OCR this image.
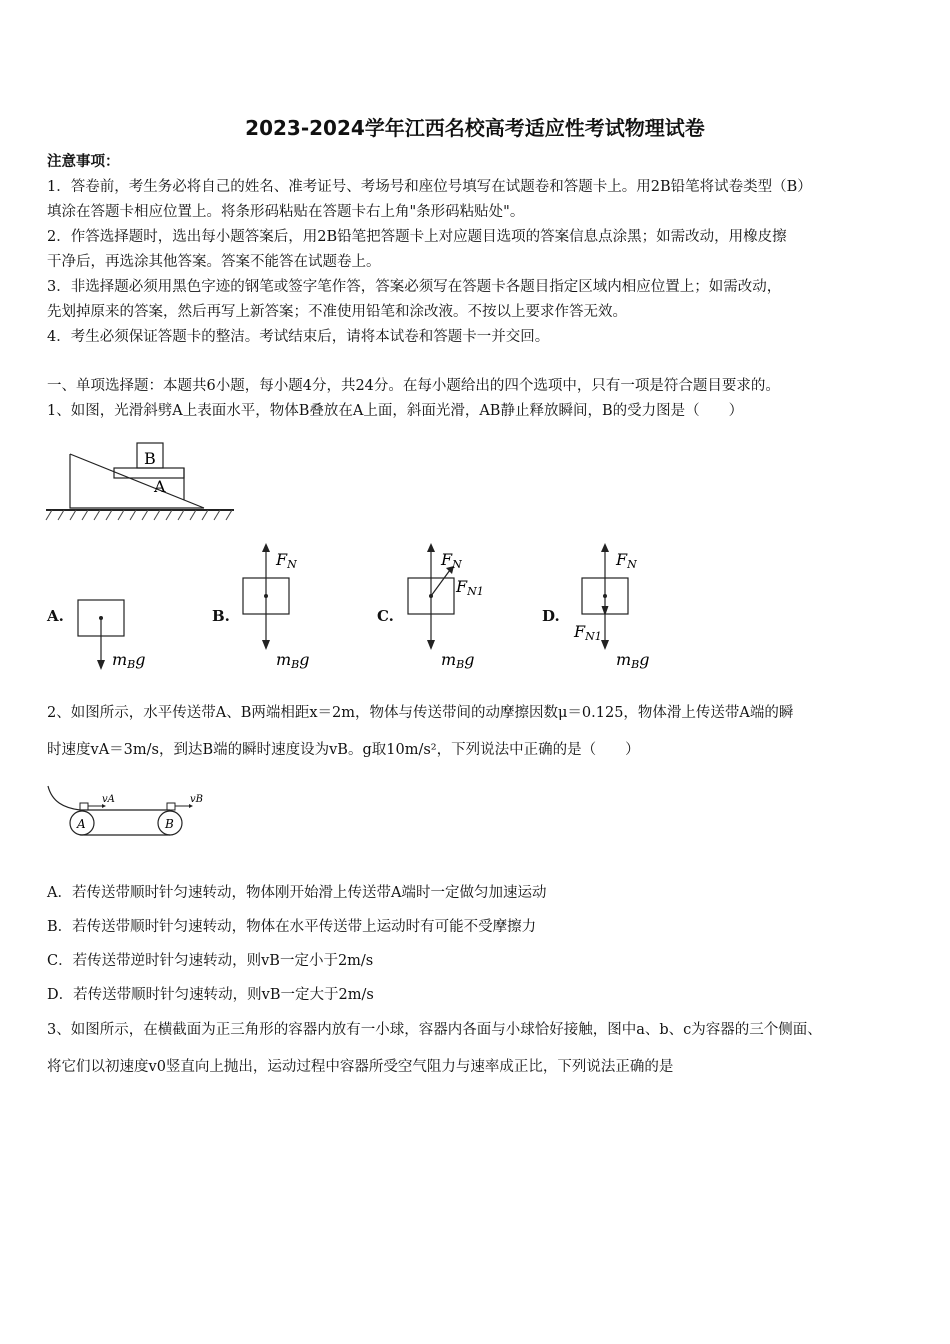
2023-2024学年江西名校高考适应性考试物理试卷
注意事项：
1．答卷前，考生务必将自己的姓名、准考证号、考场号和座位号填写在试题卷和答题卡上。用2B铅笔将试卷类型（B）
填涂在答题卡相应位置上。将条形码粘贴在答题卡右上角"条形码粘贴处"。
2．作答选择题时，选出每小题答案后，用2B铅笔把答题卡上对应题目选项的答案信息点涂黑；如需改动，用橡皮擦
干净后，再选涂其他答案。答案不能答在试题卷上。
3．非选择题必须用黑色字迹的钢笔或签字笔作答，答案必须写在答题卡各题目指定区域内相应位置上；如需改动，
先划掉原来的答案，然后再写上新答案；不准使用铅笔和涂改液。不按以上要求作答无效。
4．考生必须保证答题卡的整洁。考试结束后，请将本试卷和答题卡一并交回。
一、单项选择题：本题共6小题，每小题4分，共24分。在每小题给出的四个选项中，只有一项是符合题目要求的。
1、如图，光滑斜劈A上表面水平，物体B叠放在A上面，斜面光滑，AB静止释放瞬间，B的受力图是（　　）
B
A
A.	B.	C.	D.
mBg
FN
mBg
FN
FN1
mBg
FN
FN1
mBg
2、如图所示，水平传送带A、B两端相距x＝2m，物体与传送带间的动摩擦因数μ＝0.125，物体滑上传送带A端的瞬
时速度vA＝3m/s，到达B端的瞬时速度设为vB。g取10m/s²，下列说法中正确的是（　　）
A	B
vA	vB
A．若传送带顺时针匀速转动，物体刚开始滑上传送带A端时一定做匀加速运动
B．若传送带顺时针匀速转动，物体在水平传送带上运动时有可能不受摩擦力
C．若传送带逆时针匀速转动，则vB一定小于2m/s
D．若传送带顺时针匀速转动，则vB一定大于2m/s
3、如图所示，在横截面为正三角形的容器内放有一小球，容器内各面与小球恰好接触，图中a、b、c为容器的三个侧面、
将它们以初速度v0竖直向上抛出，运动过程中容器所受空气阻力与速率成正比，下列说法正确的是
